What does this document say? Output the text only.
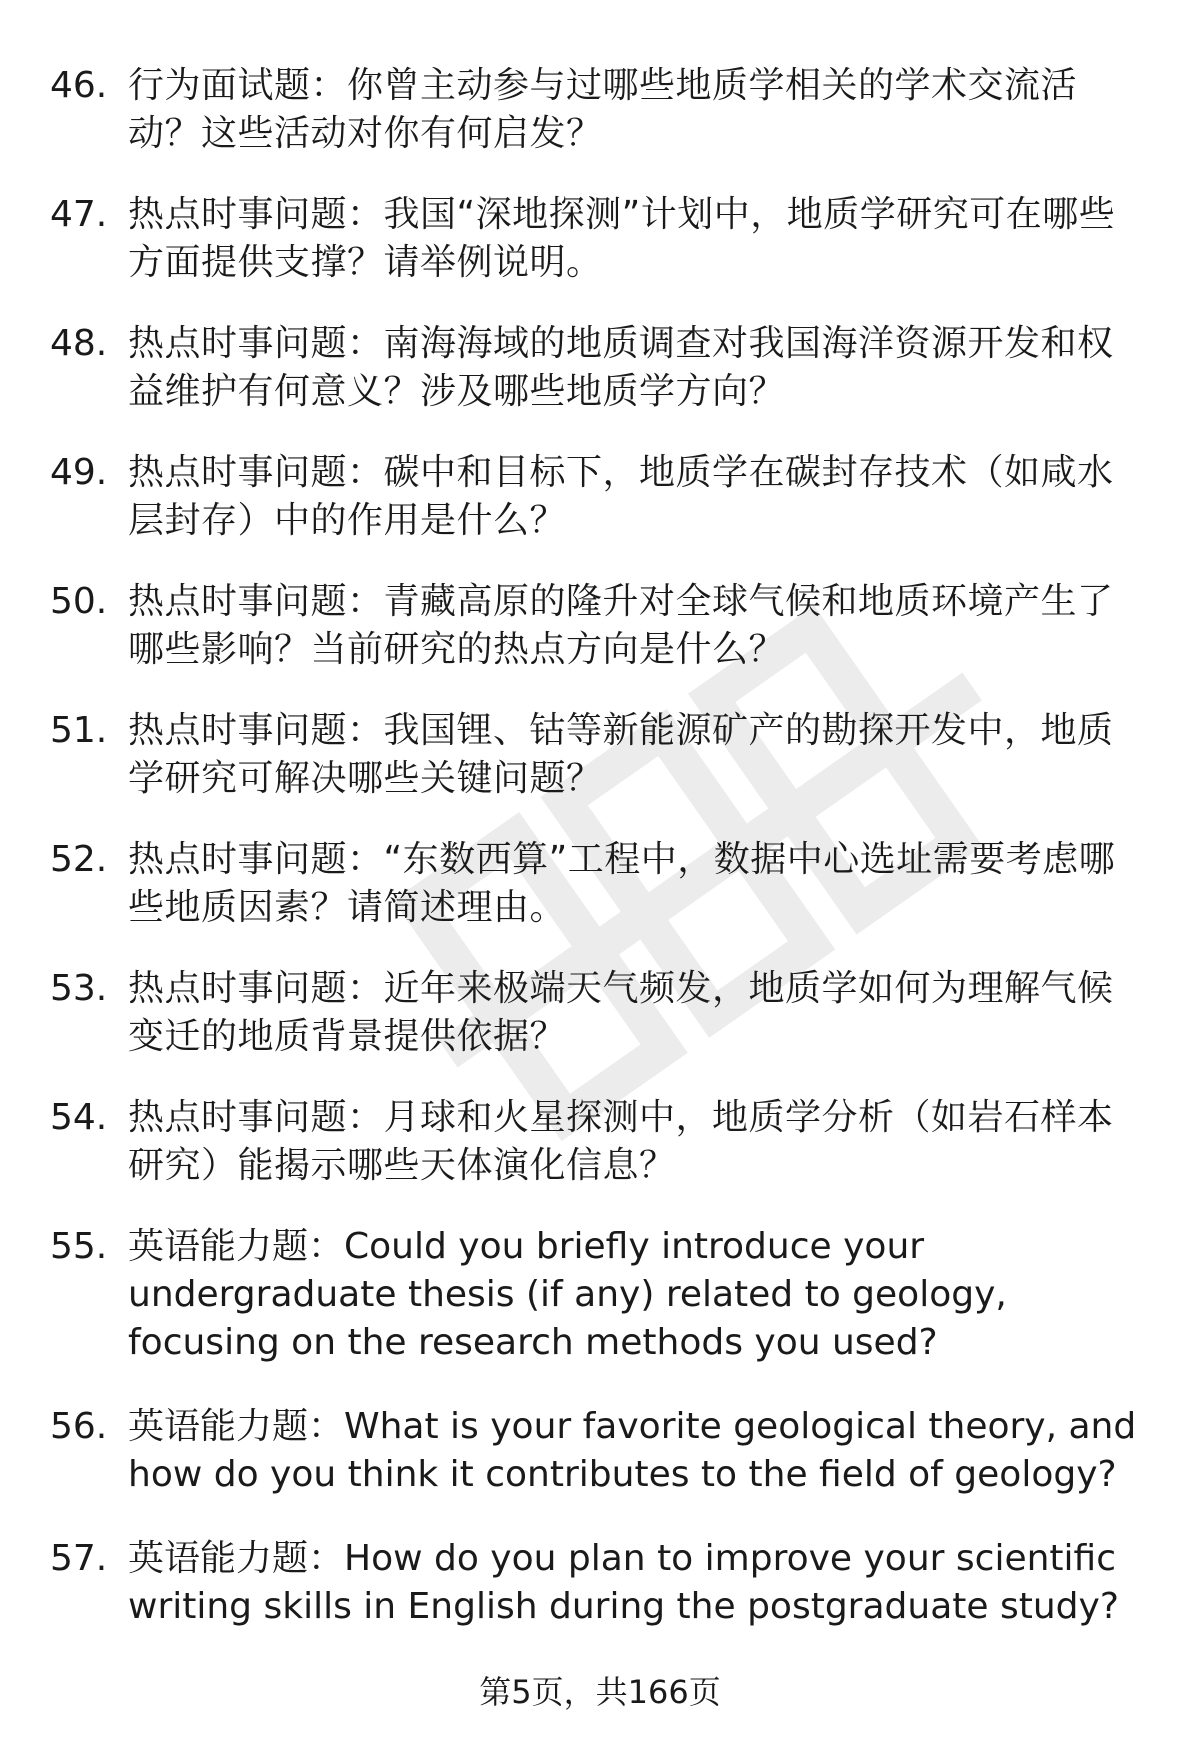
46. 行为面试题：你曾主动参与过哪些地质学相关的学术交流活动？这些活动对你有何启发？
47. 热点时事问题：我国“深地探测”计划中，地质学研究可在哪些方面提供支撑？请举例说明。
48. 热点时事问题：南海海域的地质调查对我国海洋资源开发和权益维护有何意义？涉及哪些地质学方向？
49. 热点时事问题：碳中和目标下，地质学在碳封存技术（如咸水层封存）中的作用是什么？
50. 热点时事问题：青藏高原的隆升对全球气候和地质环境产生了哪些影响？当前研究的热点方向是什么？
51. 热点时事问题：我国锂、钴等新能源矿产的勘探开发中，地质学研究可解决哪些关键问题？
52. 热点时事问题：“东数西算”工程中，数据中心选址需要考虑哪些地质因素？请简述理由。
53. 热点时事问题：近年来极端天气频发，地质学如何为理解气候变迁的地质背景提供依据？
54. 热点时事问题：月球和火星探测中，地质学分析（如岩石样本研究）能揭示哪些天体演化信息？
55. 英语能力题：Could you briefly introduce your undergraduate thesis (if any) related to geology, focusing on the research methods you used?
56. 英语能力题：What is your favorite geological theory, and how do you think it contributes to the field of geology?
57. 英语能力题：How do you plan to improve your scientific writing skills in English during the postgraduate study?
第5页，共166页
